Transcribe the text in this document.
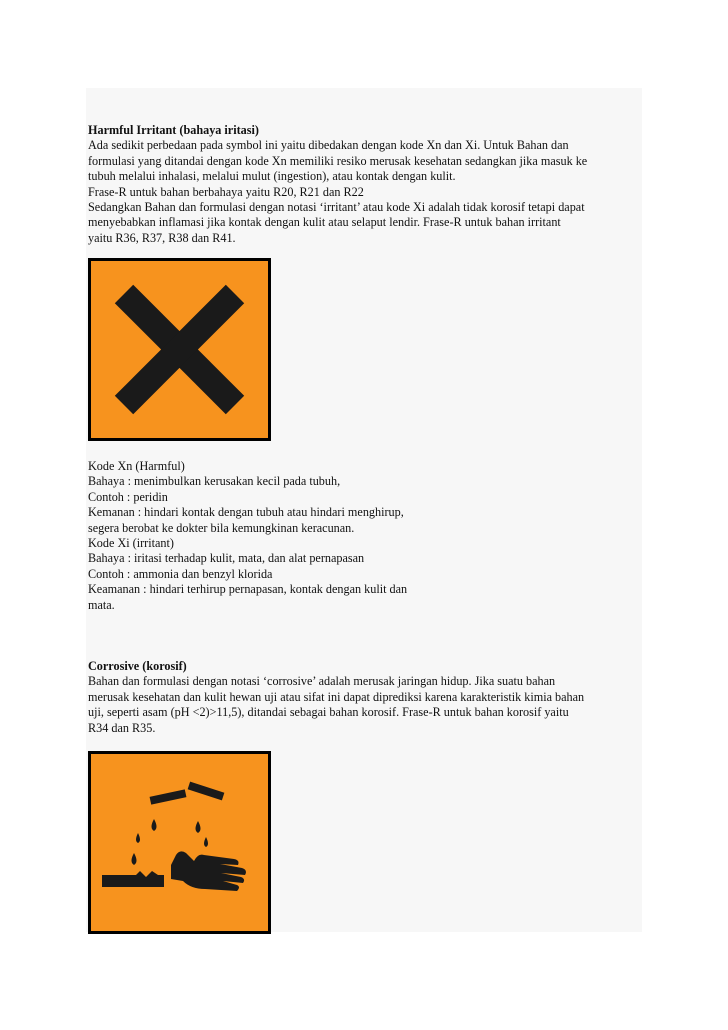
Harmful Irritant (bahaya iritasi)

Ada sedikit perbedaan pada symbol ini yaitu dibedakan dengan kode Xn dan Xi. Untuk Bahan dan

formulasi yang ditandai dengan kode Xn memiliki resiko merusak kesehatan sedangkan jika masuk ke

tubuh melalui inhalasi, melalui mulut (ingestion), atau kontak dengan kulit.

Frase-R untuk bahan berbahaya yaitu R20, R21 dan R22

Sedangkan Bahan dan formulasi dengan notasi ‘irritant’ atau kode Xi adalah tidak korosif tetapi dapat

menyebabkan inflamasi jika kontak dengan kulit atau selaput lendir. Frase-R untuk bahan irritant

yaitu R36, R37, R38 dan R41.

Kode Xn (Harmful)

Bahaya : menimbulkan kerusakan kecil pada tubuh,

Contoh : peridin

Kemanan : hindari kontak dengan tubuh atau hindari menghirup,

segera berobat ke dokter bila kemungkinan keracunan.

Kode Xi (irritant)

Bahaya : iritasi terhadap kulit, mata, dan alat pernapasan

Contoh : ammonia dan benzyl klorida

Keamanan : hindari terhirup pernapasan, kontak dengan kulit dan

mata.

Corrosive (korosif)

Bahan dan formulasi dengan notasi ‘corrosive’ adalah merusak jaringan hidup. Jika suatu bahan

merusak kesehatan dan kulit hewan uji atau sifat ini dapat diprediksi karena karakteristik kimia bahan

uji, seperti asam (pH <2)>11,5), ditandai sebagai bahan korosif. Frase-R untuk bahan korosif yaitu

R34 dan R35.
